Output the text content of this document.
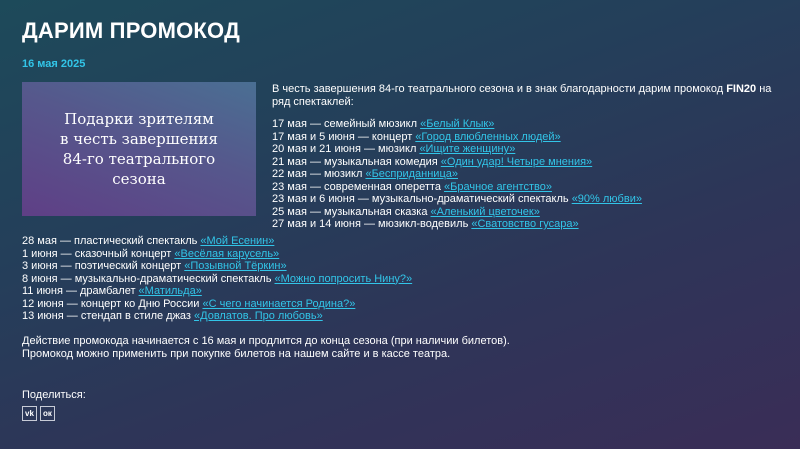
ДАРИМ ПРОМОКОД
16 мая 2025
Подарки зрителям
в честь завершения
84-го театрального
сезона
В честь завершения 84-го театрального сезона и в знак благодарности дарим промокод FIN20 на ряд спектаклей:
17 мая — семейный мюзикл «Белый Клык»
17 мая и 5 июня — концерт «Город влюбленных людей»
20 мая и 21 июня — мюзикл «Ищите женщину»
21 мая — музыкальная комедия «Один удар! Четыре мнения»
22 мая — мюзикл «Бесприданница»
23 мая — современная оперетта «Брачное агентство»
23 мая и 6 июня — музыкально-драматический спектакль «90% любви»
25 мая — музыкальная сказка «Аленький цветочек»
27 мая и 14 июня — мюзикл-водевиль «Сватовство гусара»
28 мая — пластический спектакль «Мой Есенин»
1 июня — сказочный концерт «Весёлая карусель»
3 июня — поэтический концерт «Позывной Тёркин»
8 июня — музыкально-драматический спектакль «Можно попросить Нину?»
11 июня — драмбалет «Матильда»
12 июня — концерт ко Дню России «С чего начинается Родина?»
13 июня — стендап в стиле джаз «Довлатов. Про любовь»
Действие промокода начинается с 16 мая и продлится до конца сезона (при наличии билетов).
Промокод можно применить при покупке билетов на нашем сайте и в кассе театра.
Поделиться:
vk	ок
